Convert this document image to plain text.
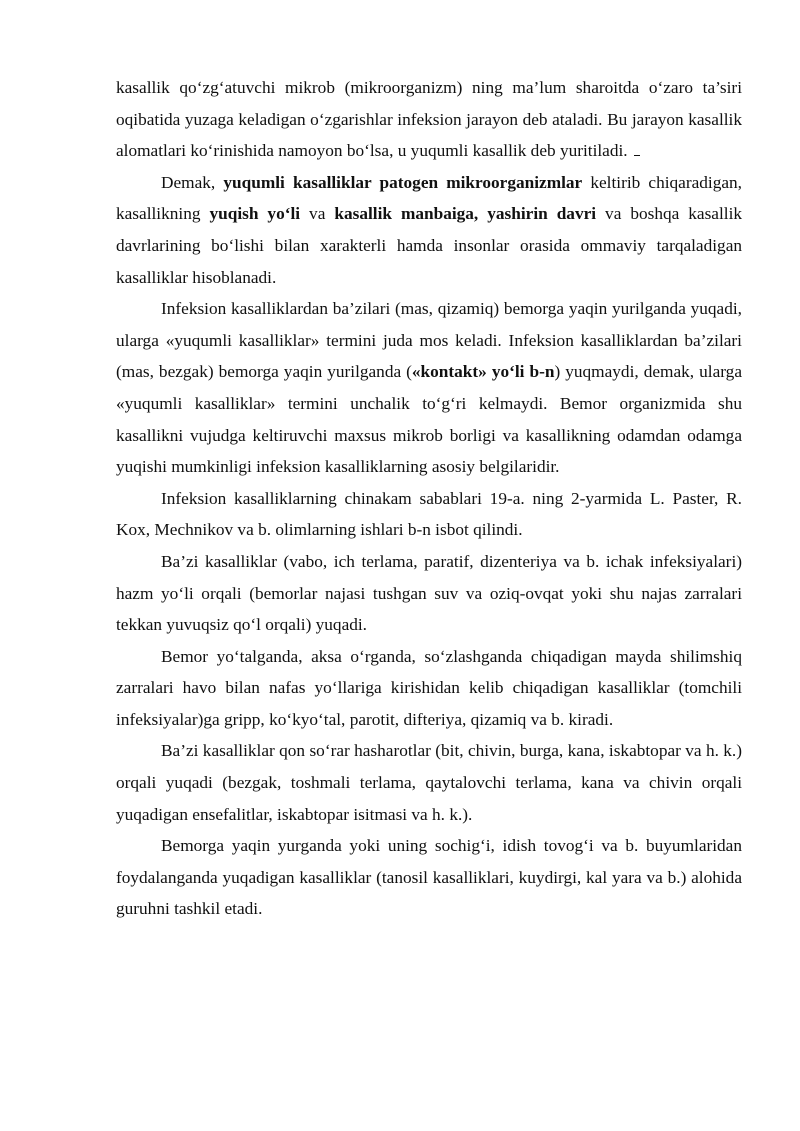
kasallik qo‘zg‘atuvchi mikrob (mikroorganizm) ning ma’lum sharoitda o‘zaro ta’siri oqibatida yuzaga keladigan o‘zgarishlar infeksion jarayon deb ataladi. Bu jarayon kasallik alomatlari ko‘rinishida namoyon bo‘lsa, u yuqumli kasallik deb yuritiladi.

Demak, yuqumli kasalliklar patogen mikroorganizmlar keltirib chiqaradigan, kasallikning yuqish yo‘li va kasallik manbaiga, yashirin davri va boshqa kasallik davrlarining bo‘lishi bilan xarakterli hamda insonlar orasida ommaviy tarqaladigan kasalliklar hisoblanadi.

Infeksion kasalliklardan ba’zilari (mas, qizamiq) bemorga yaqin yurilganda yuqadi, ularga «yuqumli kasalliklar» termini juda mos keladi. Infeksion kasalliklardan ba’zilari (mas, bezgak) bemorga yaqin yurilganda («kontakt» yo‘li b-n) yuqmaydi, demak, ularga «yuqumli kasalliklar» termini unchalik to‘g‘ri kelmaydi. Bemor organizmida shu kasallikni vujudga keltiruvchi maxsus mikrob borligi va kasallikning odamdan odamga yuqishi mumkinligi infeksion kasalliklarning asosiy belgilaridir.

Infeksion kasalliklarning chinakam sabablari 19-a. ning 2-yarmida L. Paster, R. Kox, Mechnikov va b. olimlarning ishlari b-n isbot qilindi.

Ba’zi kasalliklar (vabo, ich terlama, paratif, dizenteriya va b. ichak infeksiyalari) hazm yo‘li orqali (bemorlar najasi tushgan suv va oziq-ovqat yoki shu najas zarralari tekkan yuvuqsiz qo‘l orqali) yuqadi.

Bemor yo‘talganda, aksa o‘rganda, so‘zlashganda chiqadigan mayda shilimshiq zarralari havo bilan nafas yo‘llariga kirishidan kelib chiqadigan kasalliklar (tomchili infeksiyalar)ga gripp, ko‘kyo‘tal, parotit, difteriya, qizamiq va b. kiradi.

Ba’zi kasalliklar qon so‘rar hasharotlar (bit, chivin, burga, kana, iskabtopar va h. k.) orqali yuqadi (bezgak, toshmali terlama, qaytalovchi terlama, kana va chivin orqali yuqadigan ensefalitlar, iskabtopar isitmasi va h. k.).

Bemorga yaqin yurganda yoki uning sochig‘i, idish tovog‘i va b. buyumlaridan foydalanganda yuqadigan kasalliklar (tanosil kasalliklari, kuydirgi, kal yara va b.) alohida guruhni tashkil etadi.
